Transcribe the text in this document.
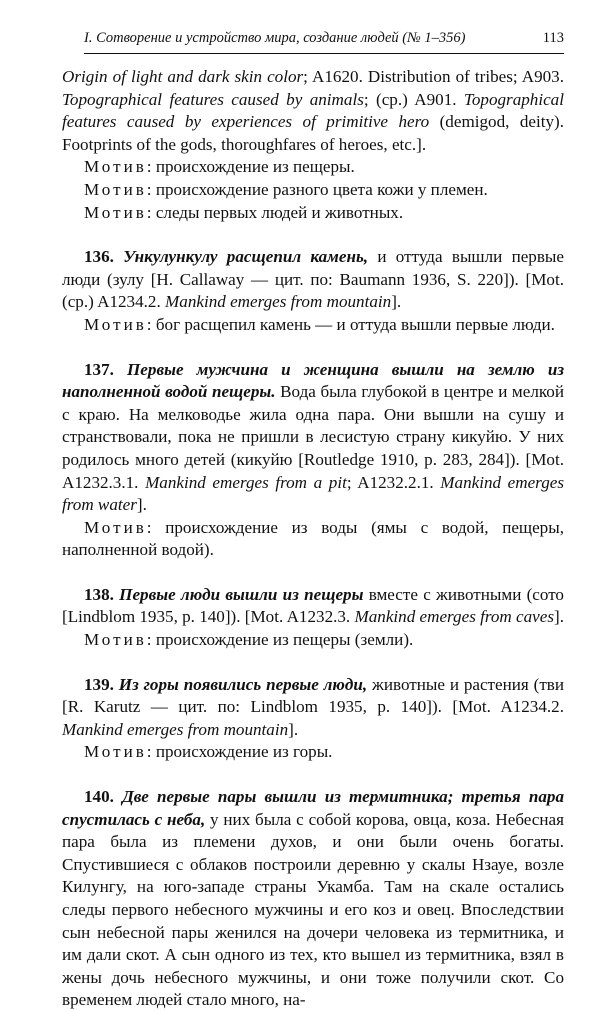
I. Сотворение и устройство мира, создание людей (№ 1–356)	113

Origin of light and dark skin color; A1620. Distribution of tribes; A903. Topographical features caused by animals; (cp.) A901. Topographical features caused by experiences of primitive hero (demigod, deity). Footprints of the gods, thoroughfares of heroes, etc.].

Мотив : происхождение из пещеры.

Мотив : происхождение разного цвета кожи у племен.

Мотив : следы первых людей и животных.

136. Ункулункулу расщепил камень, и оттуда вышли первые люди (зулу [H. Callaway — цит. по: Baumann 1936, S. 220]). [Mot. (cp.) A1234.2. Mankind emerges from mountain].

Мотив : бог расщепил камень — и оттуда вышли первые люди.

137. Первые мужчина и женщина вышли на землю из наполненной водой пещеры. Вода была глубокой в центре и мелкой с краю. На мелководье жила одна пара. Они вышли на сушу и странствовали, пока не пришли в лесистую страну кикуйю. У них родилось много детей (кикуйю [Routledge 1910, p. 283, 284]). [Mot. A1232.3.1. Mankind emerges from a pit; A1232.2.1. Mankind emerges from water].

Мотив : происхождение из воды (ямы с водой, пещеры, наполненной водой).

138. Первые люди вышли из пещеры вместе с животными (сото [Lindblom 1935, p. 140]). [Mot. A1232.3. Mankind emerges from caves].

Мотив : происхождение из пещеры (земли).

139. Из горы появились первые люди, животные и растения (тви [R. Karutz — цит. по: Lindblom 1935, p. 140]). [Mot. A1234.2. Mankind emerges from mountain].

Мотив : происхождение из горы.

140. Две первые пары вышли из термитника; третья пара спустилась с неба, у них была с собой корова, овца, коза. Небесная пара была из племени духов, и они были очень богаты. Спустившиеся с облаков построили деревню у скалы Нзауе, возле Килунгу, на юго-западе страны Укамба. Там на скале остались следы первого небесного мужчины и его коз и овец. Впоследствии сын небесной пары женился на дочери человека из термитника, и им дали скот. А сын одного из тех, кто вышел из термитника, взял в жены дочь небесного мужчины, и они тоже получили скот. Со временем людей стало много, на-
